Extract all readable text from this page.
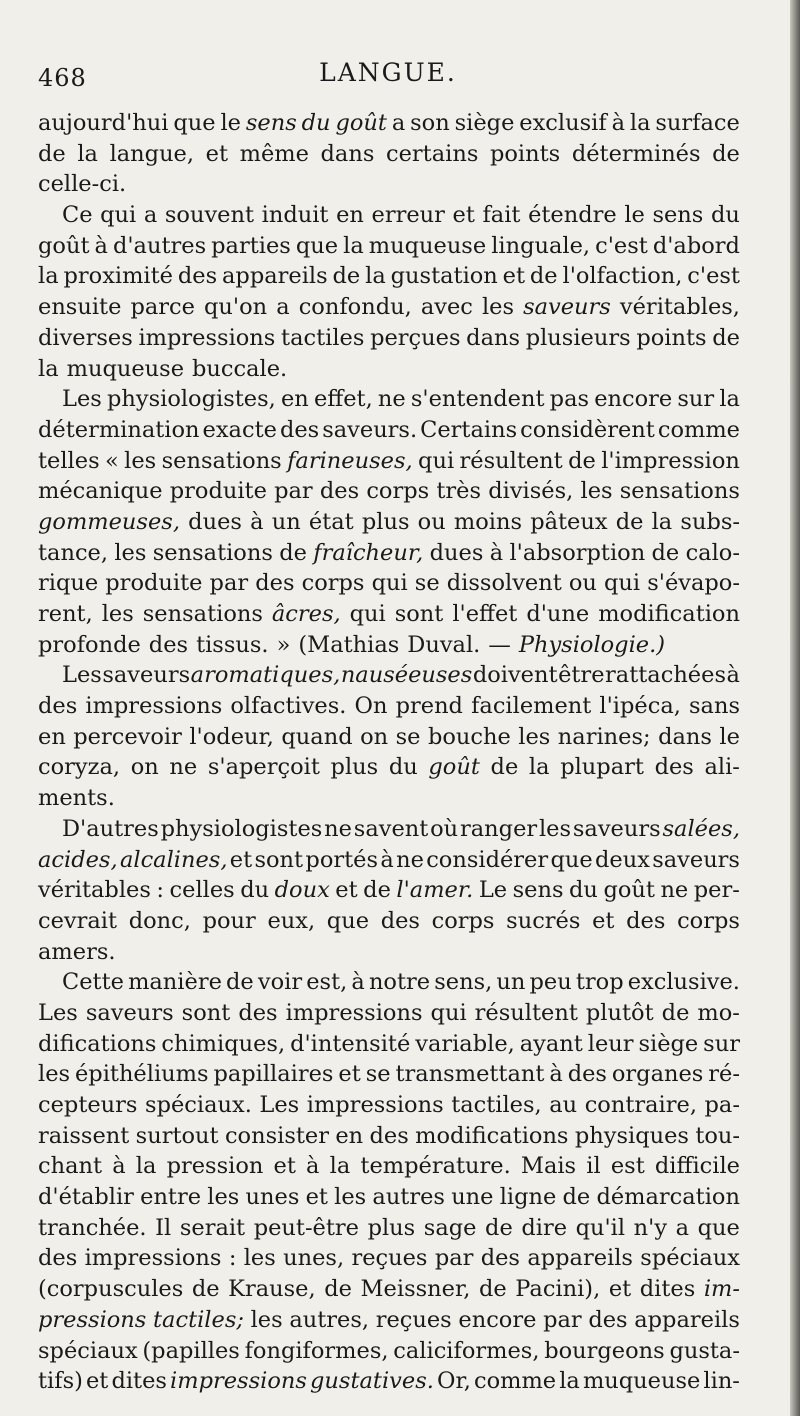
468	LANGUE.
aujourd'hui que le sens du goût a son siège exclusif à la surface
de la langue, et même dans certains points déterminés de
celle-ci.
Ce qui a souvent induit en erreur et fait étendre le sens du
goût à d'autres parties que la muqueuse linguale, c'est d'abord
la proximité des appareils de la gustation et de l'olfaction, c'est
ensuite parce qu'on a confondu, avec les saveurs véritables,
diverses impressions tactiles perçues dans plusieurs points de
la muqueuse buccale.
Les physiologistes, en effet, ne s'entendent pas encore sur la
détermination exacte des saveurs. Certains considèrent comme
telles « les sensations farineuses, qui résultent de l'impression
mécanique produite par des corps très divisés, les sensations
gommeuses, dues à un état plus ou moins pâteux de la subs-
tance, les sensations de fraîcheur, dues à l'absorption de calo-
rique produite par des corps qui se dissolvent ou qui s'évapo-
rent, les sensations âcres, qui sont l'effet d'une modification
profonde des tissus. » (Mathias Duval. — Physiologie.)
Les saveurs aromatiques, nauséeuses doivent être rattachées à
des impressions olfactives. On prend facilement l'ipéca, sans
en percevoir l'odeur, quand on se bouche les narines; dans le
coryza, on ne s'aperçoit plus du goût de la plupart des ali-
ments.
D'autres physiologistes ne savent où ranger les saveurs salées,
acides, alcalines, et sont portés à ne considérer que deux saveurs
véritables : celles du doux et de l'amer. Le sens du goût ne per-
cevrait donc, pour eux, que des corps sucrés et des corps
amers.
Cette manière de voir est, à notre sens, un peu trop exclusive.
Les saveurs sont des impressions qui résultent plutôt de mo-
difications chimiques, d'intensité variable, ayant leur siège sur
les épithéliums papillaires et se transmettant à des organes ré-
cepteurs spéciaux. Les impressions tactiles, au contraire, pa-
raissent surtout consister en des modifications physiques tou-
chant à la pression et à la température. Mais il est difficile
d'établir entre les unes et les autres une ligne de démarcation
tranchée. Il serait peut-être plus sage de dire qu'il n'y a que
des impressions : les unes, reçues par des appareils spéciaux
(corpuscules de Krause, de Meissner, de Pacini), et dites im-
pressions tactiles; les autres, reçues encore par des appareils
spéciaux (papilles fongiformes, caliciformes, bourgeons gusta-
tifs) et dites impressions gustatives. Or, comme la muqueuse lin-
